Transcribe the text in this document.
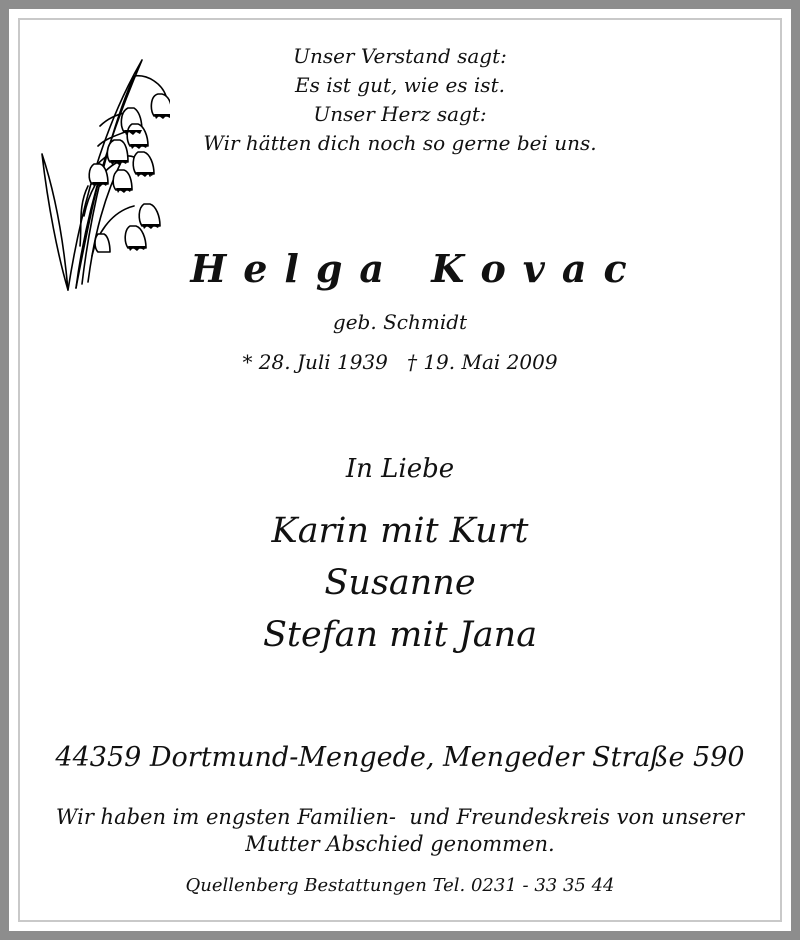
Unser Verstand sagt:
Es ist gut, wie es ist.
Unser Herz sagt:
Wir hätten dich noch so gerne bei uns.
Helga Kovac
geb. Schmidt
* 28. Juli 1939   † 19. Mai 2009
In Liebe
Karin mit Kurt
Susanne
Stefan mit Jana
44359 Dortmund-Mengede, Mengeder Straße 590
Wir haben im engsten Familien-  und Freundeskreis von unserer
Mutter Abschied genommen.
Quellenberg Bestattungen Tel. 0231 - 33 35 44
